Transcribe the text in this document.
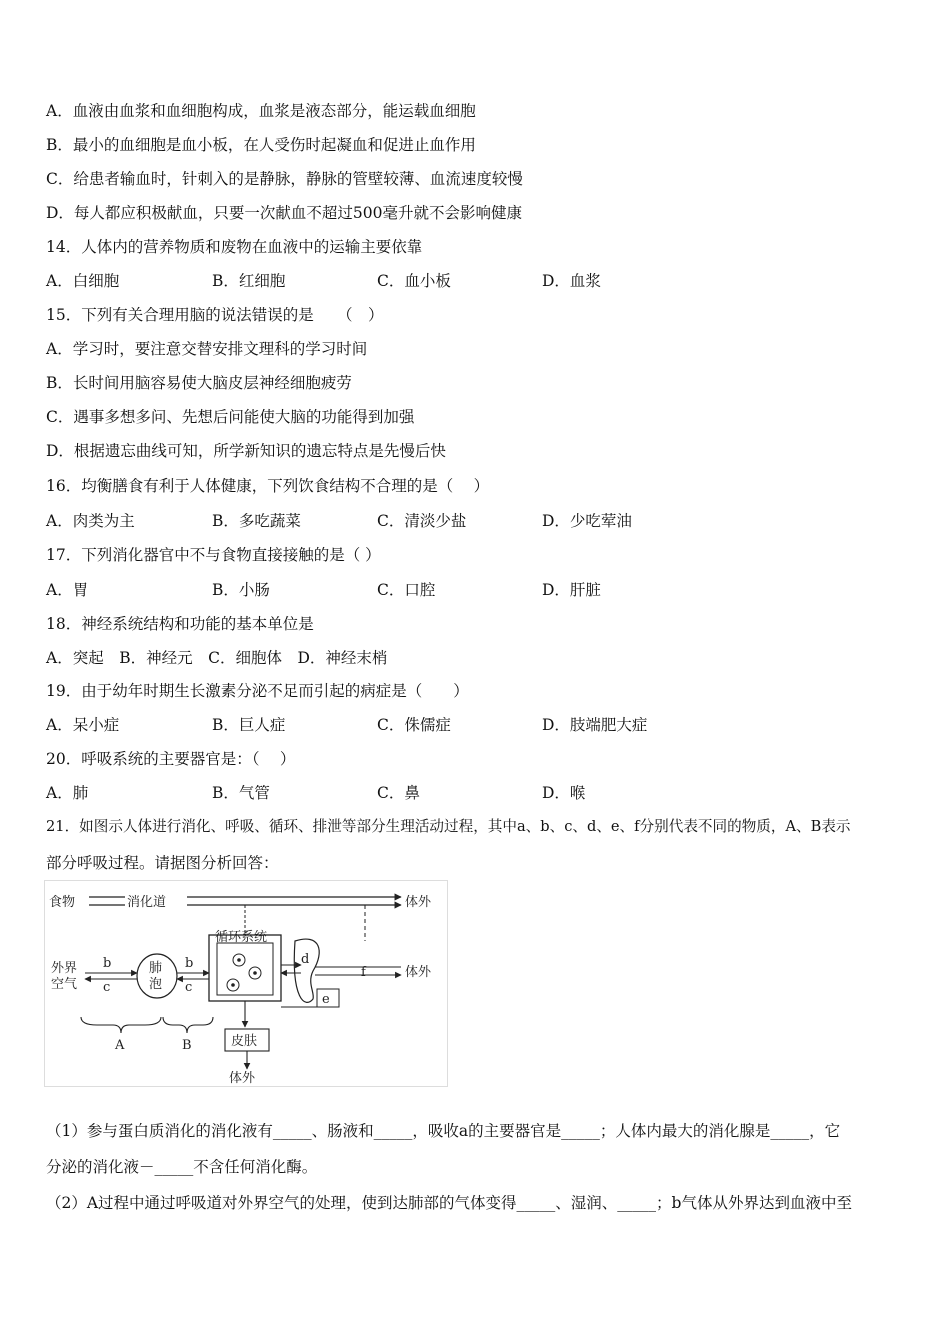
A．血液由血浆和血细胞构成，血浆是液态部分，能运载血细胞
B．最小的血细胞是血小板，在人受伤时起凝血和促进止血作用
C．给患者输血时，针刺入的是静脉，静脉的管壁较薄、血流速度较慢
D．每人都应积极献血，只要一次献血不超过500毫升就不会影响健康
14．人体内的营养物质和废物在血液中的运输主要依靠
A．白细胞	B．红细胞	C．血小板	D．血浆
15．下列有关合理用脑的说法错误的是　　（　）
A．学习时，要注意交替安排文理科的学习时间
B．长时间用脑容易使大脑皮层神经细胞疲劳
C．遇事多想多问、先想后问能使大脑的功能得到加强
D．根据遗忘曲线可知，所学新知识的遗忘特点是先慢后快
16．均衡膳食有利于人体健康，下列饮食结构不合理的是（　 ）
A．肉类为主	B．多吃蔬菜	C．清淡少盐	D．少吃荤油
17．下列消化器官中不与食物直接接触的是（ ）
A．胃	B．小肠	C．口腔	D．肝脏
18．神经系统结构和功能的基本单位是
A．突起　B．神经元　C．细胞体　D．神经末梢
19．由于幼年时期生长激素分泌不足而引起的病症是（　　）
A．呆小症	B．巨人症	C．侏儒症	D．肢端肥大症
20．呼吸系统的主要器官是：（　 ）
A．肺	B．气管	C．鼻	D．喉
21．如图示人体进行消化、呼吸、循环、排泄等部分生理活动过程，其中a、b、c、d、e、f分别代表不同的物质，A、B表示
部分呼吸过程。请据图分析回答：
食物	消化道	体外
外界
空气
b
c
肺
泡
b
c
循环系统
d
f	体外
e
皮肤
体外
A	B
（1）参与蛋白质消化的消化液有_____、肠液和_____，吸收a的主要器官是_____；人体内最大的消化腺是_____，它
分泌的消化液－_____不含任何消化酶。
（2）A过程中通过呼吸道对外界空气的处理，使到达肺部的气体变得_____、湿润、_____；b气体从外界达到血液中至
